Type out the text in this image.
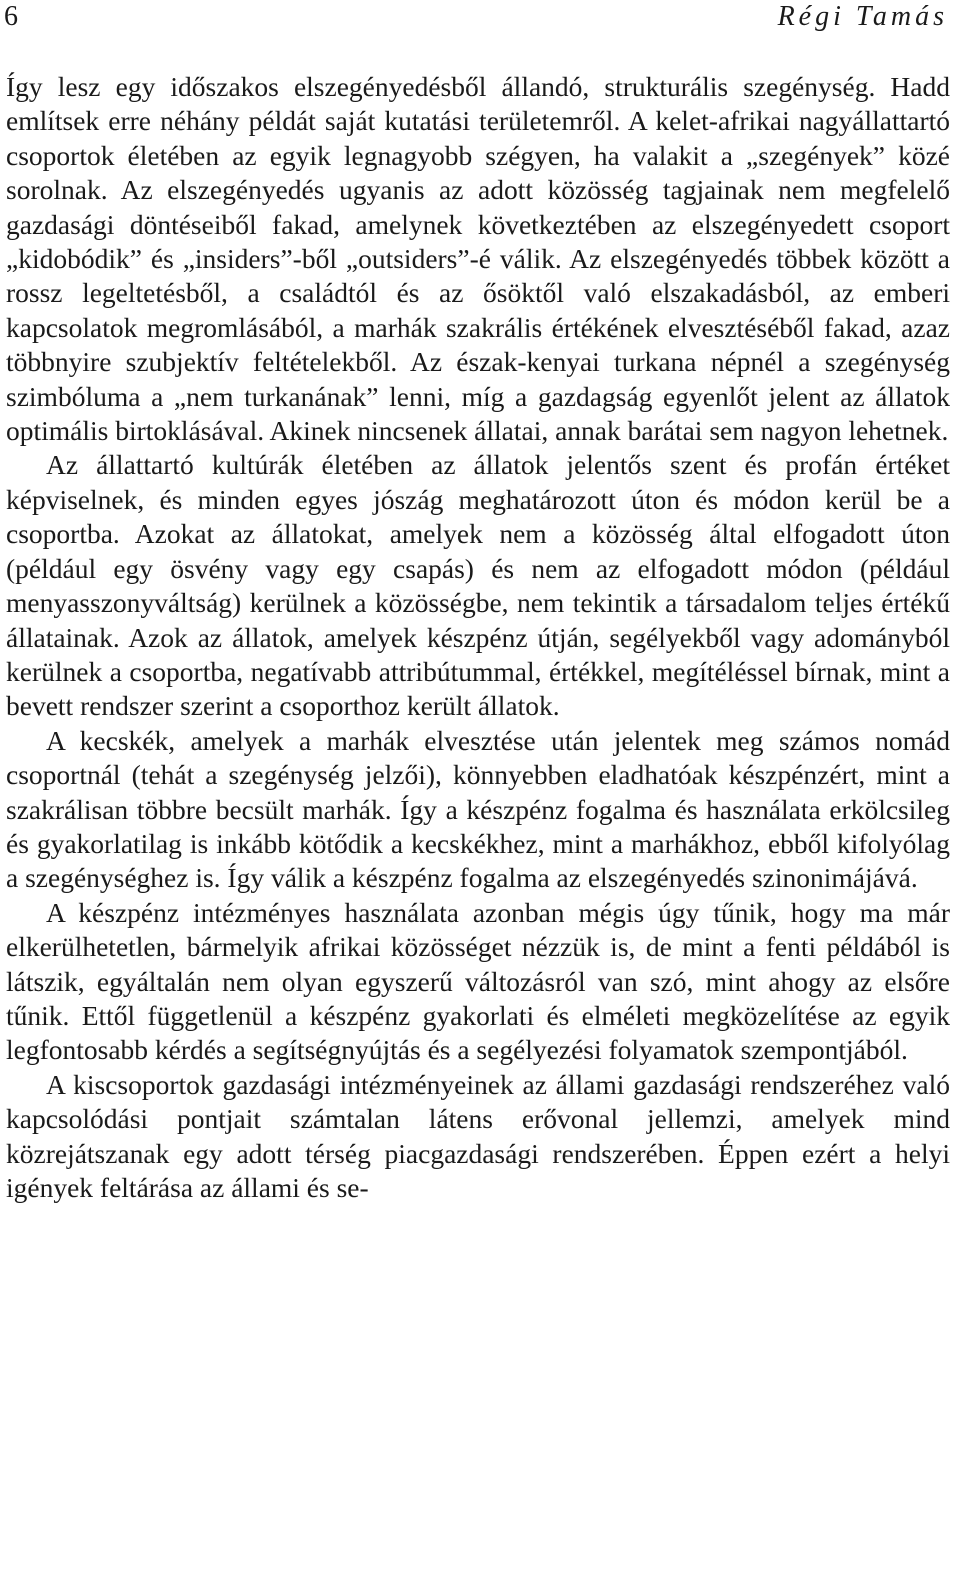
6	Régi Tamás

Így lesz egy időszakos elszegényedésből állandó, strukturális szegénység. Hadd említsek erre néhány példát saját kutatási területemről. A kelet-afrikai nagyállattartó csoportok életében az egyik legnagyobb szégyen, ha valakit a „szegények” közé sorolnak. Az elszegényedés ugyanis az adott közösség tagjainak nem megfelelő gazdasági döntéseiből fakad, amelynek következtében az elszegényedett csoport „kidobódik” és „insiders”-ből „outsiders”-é válik. Az elszegényedés többek között a rossz legeltetésből, a családtól és az ősöktől való elszakadásból, az emberi kapcsolatok megromlásából, a marhák szakrális értékének elvesztéséből fakad, azaz többnyire szubjektív feltételekből. Az észak-kenyai turkana népnél a szegénység szimbóluma a „nem turkanának” lenni, míg a gazdagság egyenlőt jelent az állatok optimális birtoklásával. Akinek nincsenek állatai, annak barátai sem nagyon lehetnek.

Az állattartó kultúrák életében az állatok jelentős szent és profán értéket képviselnek, és minden egyes jószág meghatározott úton és módon kerül be a csoportba. Azokat az állatokat, amelyek nem a közösség által elfogadott úton (például egy ösvény vagy egy csapás) és nem az elfogadott módon (például menyasszonyváltság) kerülnek a közösségbe, nem tekintik a társadalom teljes értékű állatainak. Azok az állatok, amelyek készpénz útján, segélyekből vagy adományból kerülnek a csoportba, negatívabb attribútummal, értékkel, megítéléssel bírnak, mint a bevett rendszer szerint a csoporthoz került állatok.

A kecskék, amelyek a marhák elvesztése után jelentek meg számos nomád csoportnál (tehát a szegénység jelzői), könnyebben eladhatóak készpénzért, mint a szakrálisan többre becsült marhák. Így a készpénz fogalma és használata erkölcsileg és gyakorlatilag is inkább kötődik a kecskékhez, mint a marhákhoz, ebből kifolyólag a szegénységhez is. Így válik a készpénz fogalma az elszegényedés szinonimájává.

A készpénz intézményes használata azonban mégis úgy tűnik, hogy ma már elkerülhetetlen, bármelyik afrikai közösséget nézzük is, de mint a fenti példából is látszik, egyáltalán nem olyan egyszerű változásról van szó, mint ahogy az elsőre tűnik. Ettől függetlenül a készpénz gyakorlati és elméleti megközelítése az egyik legfontosabb kérdés a segítségnyújtás és a segélyezési folyamatok szempontjából.

A kiscsoportok gazdasági intézményeinek az állami gazdasági rendszeréhez való kapcsolódási pontjait számtalan látens erővonal jellemzi, amelyek mind közrejátszanak egy adott térség piacgazdasági rendszerében. Éppen ezért a helyi igények feltárása az állami és se-
